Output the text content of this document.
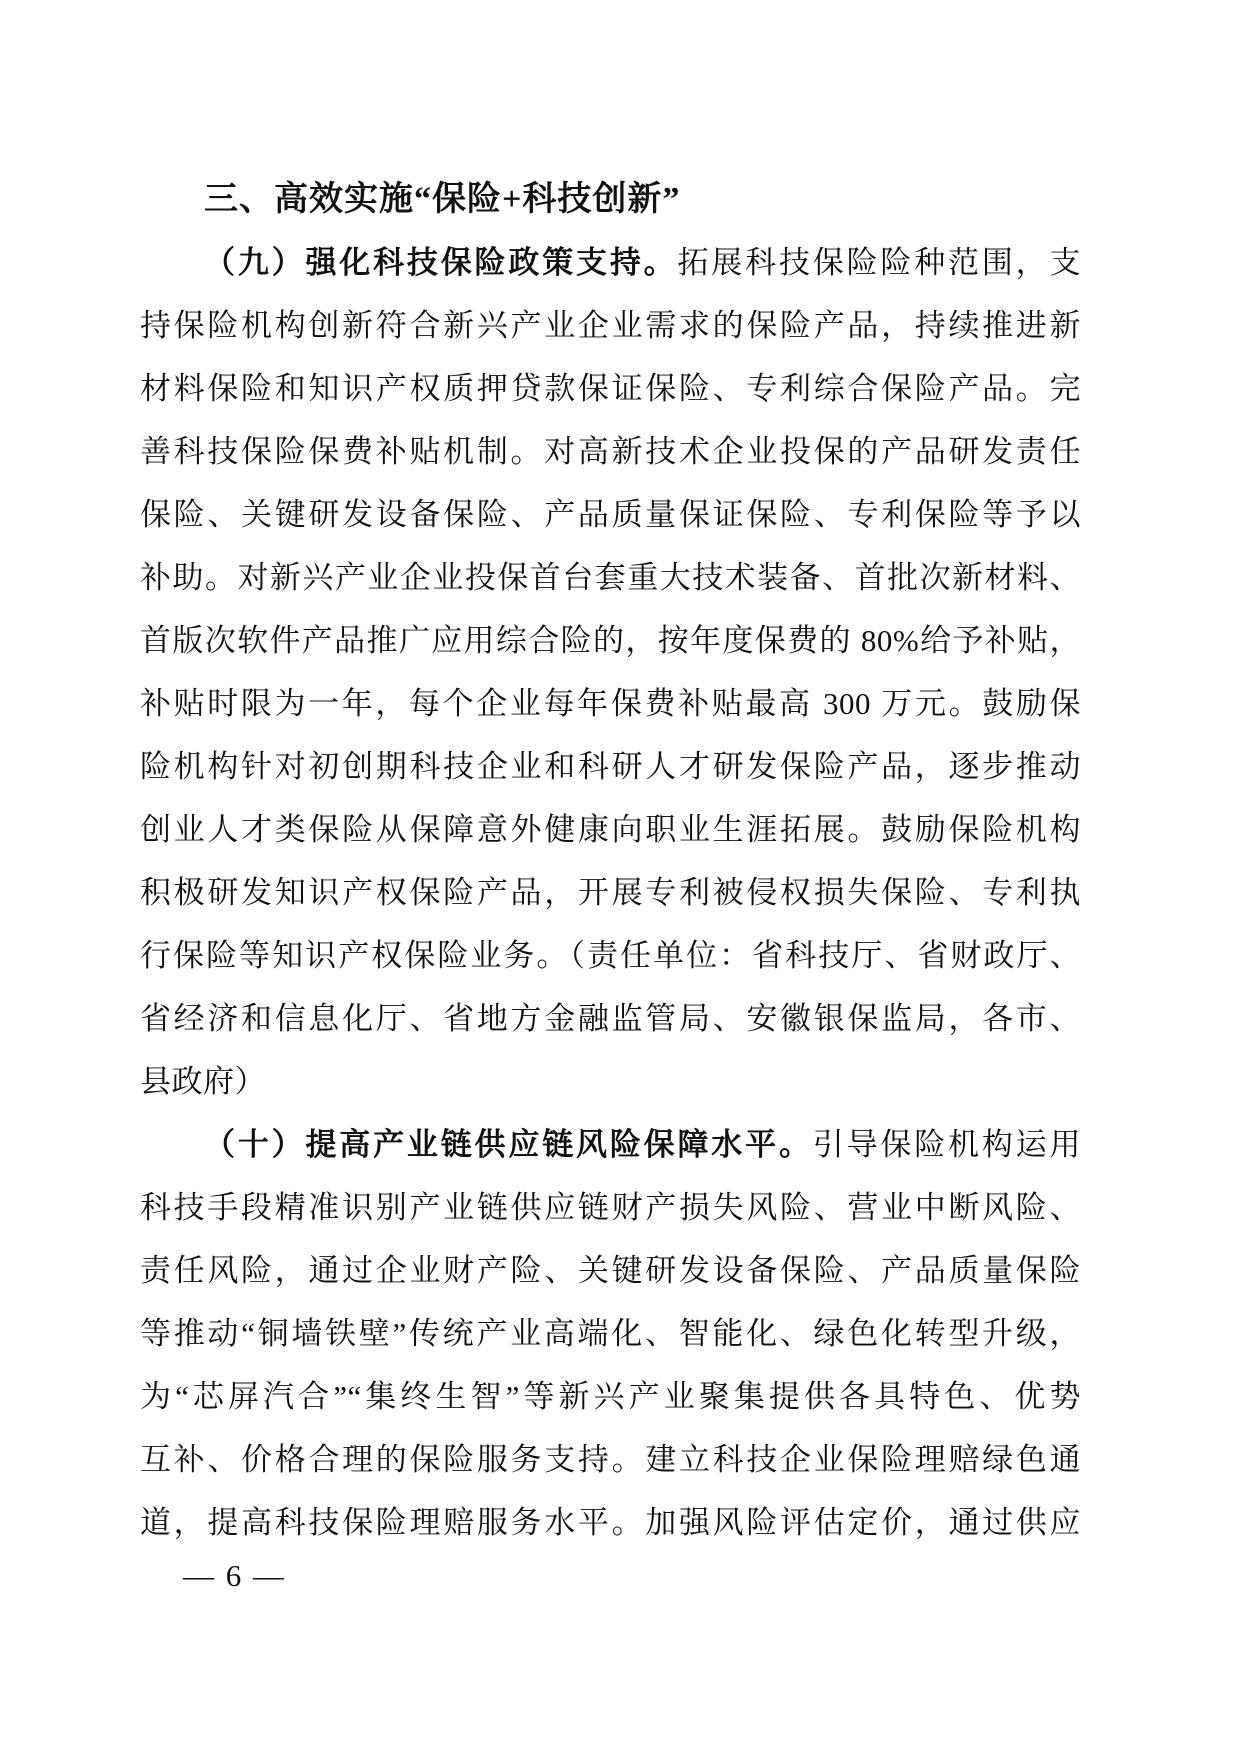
三、高效实施“保险+科技创新”
（九）强化科技保险政策支持。拓展科技保险险种范围，支
持保险机构创新符合新兴产业企业需求的保险产品，持续推进新
材料保险和知识产权质押贷款保证保险、专利综合保险产品。完
善科技保险保费补贴机制。对高新技术企业投保的产品研发责任
保险、关键研发设备保险、产品质量保证保险、专利保险等予以
补助。对新兴产业企业投保首台套重大技术装备、首批次新材料、
首版次软件产品推广应用综合险的，按年度保费的 80%给予补贴，
补贴时限为一年，每个企业每年保费补贴最高 300 万元。鼓励保
险机构针对初创期科技企业和科研人才研发保险产品，逐步推动
创业人才类保险从保障意外健康向职业生涯拓展。鼓励保险机构
积极研发知识产权保险产品，开展专利被侵权损失保险、专利执
行保险等知识产权保险业务。（责任单位：省科技厅、省财政厅、
省经济和信息化厅、省地方金融监管局、安徽银保监局，各市、
县政府）
（十）提高产业链供应链风险保障水平。引导保险机构运用
科技手段精准识别产业链供应链财产损失风险、营业中断风险、
责任风险，通过企业财产险、关键研发设备保险、产品质量保险
等推动“铜墙铁壁”传统产业高端化、智能化、绿色化转型升级，
为“芯屏汽合”“集终生智”等新兴产业聚集提供各具特色、优势
互补、价格合理的保险服务支持。建立科技企业保险理赔绿色通
道，提高科技保险理赔服务水平。加强风险评估定价，通过供应
— 6 —
